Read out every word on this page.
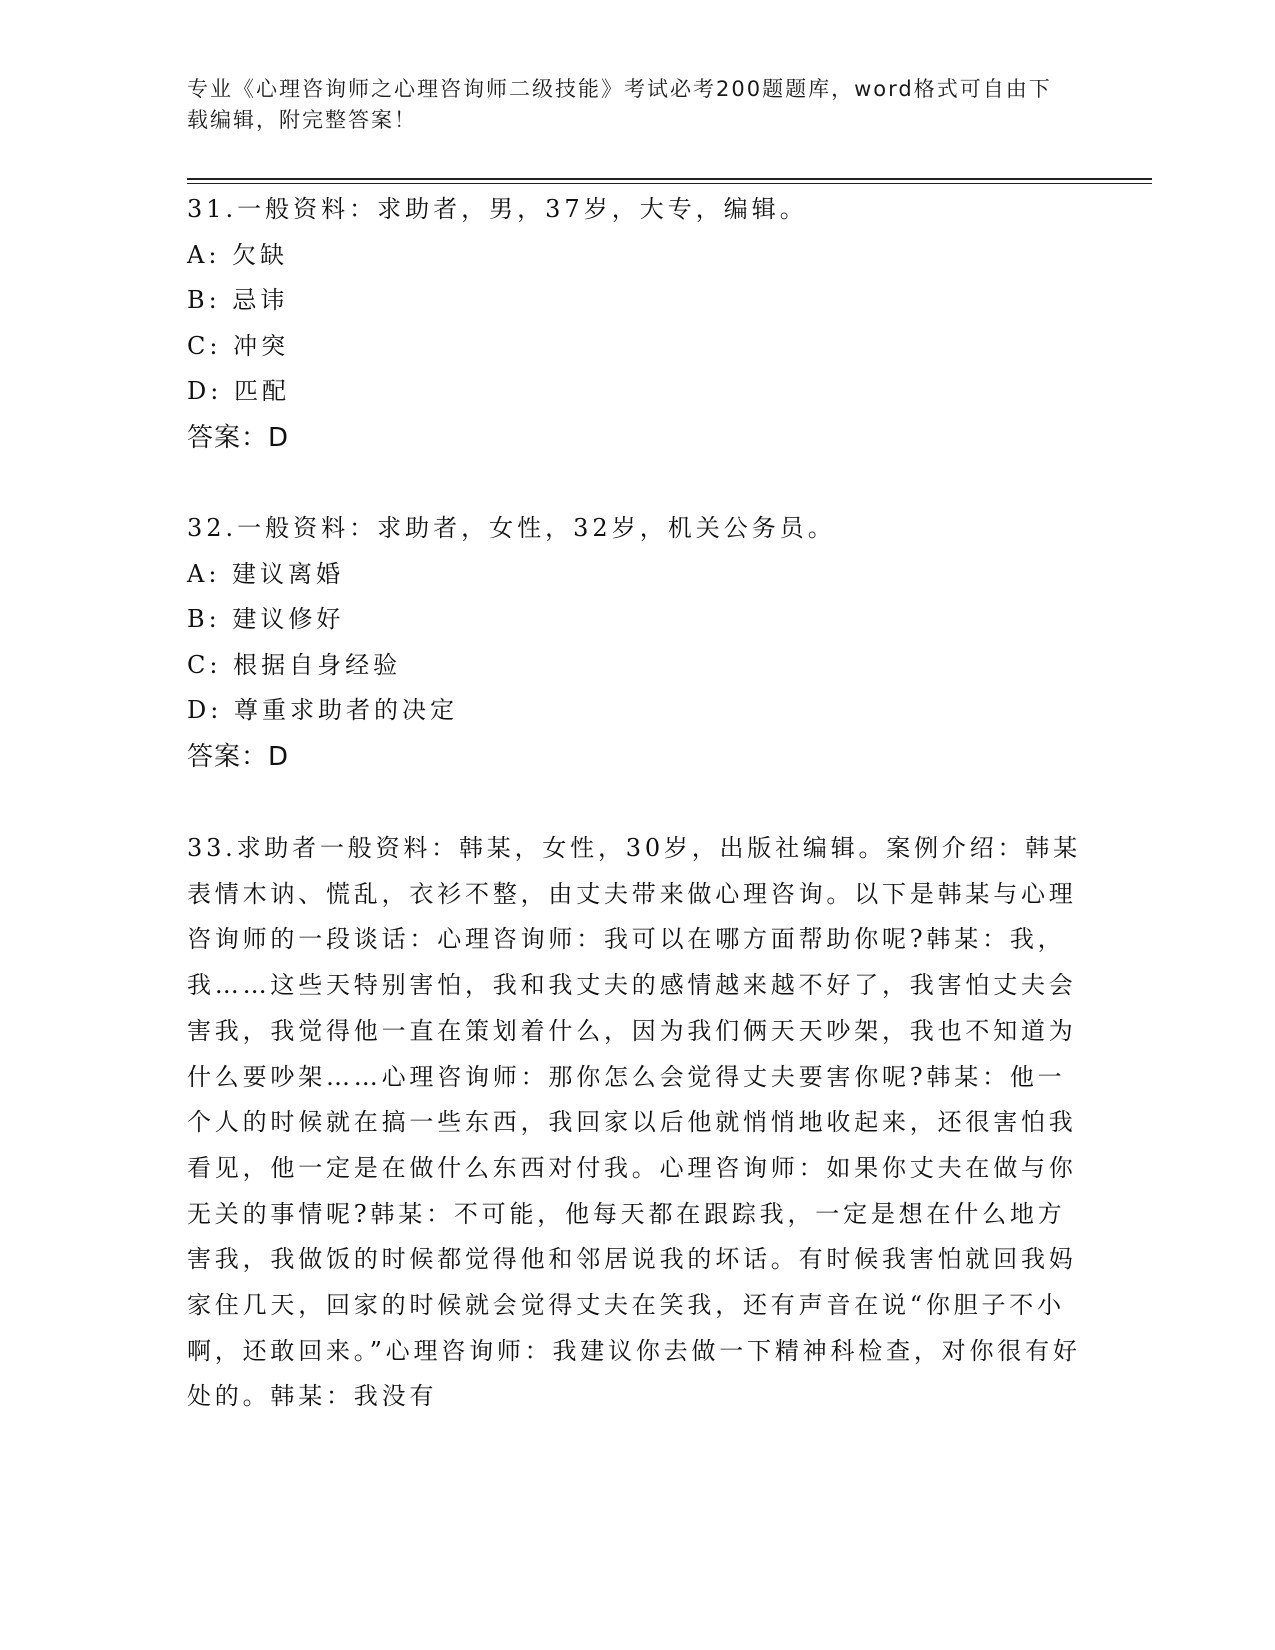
专业《心理咨询师之心理咨询师二级技能》考试必考200题题库，word格式可自由下载编辑，附完整答案！
31.一般资料：求助者，男，37岁，大专，编辑。
A: 欠缺
B: 忌讳
C: 冲突
D: 匹配
答案：D
32.一般资料：求助者，女性，32岁，机关公务员。
A: 建议离婚
B: 建议修好
C: 根据自身经验
D: 尊重求助者的决定
答案：D
33.求助者一般资料：韩某，女性，30岁，出版社编辑。案例介绍：韩某表情木讷、慌乱，衣衫不整，由丈夫带来做心理咨询。以下是韩某与心理咨询师的一段谈话：心理咨询师：我可以在哪方面帮助你呢?韩某：我，我……这些天特别害怕，我和我丈夫的感情越来越不好了，我害怕丈夫会害我，我觉得他一直在策划着什么，因为我们俩天天吵架，我也不知道为什么要吵架……心理咨询师：那你怎么会觉得丈夫要害你呢?韩某：他一个人的时候就在搞一些东西，我回家以后他就悄悄地收起来，还很害怕我看见，他一定是在做什么东西对付我。心理咨询师：如果你丈夫在做与你无关的事情呢?韩某：不可能，他每天都在跟踪我，一定是想在什么地方害我，我做饭的时候都觉得他和邻居说我的坏话。有时候我害怕就回我妈家住几天，回家的时候就会觉得丈夫在笑我，还有声音在说“你胆子不小啊，还敢回来。”心理咨询师：我建议你去做一下精神科检查，对你很有好处的。韩某：我没有
